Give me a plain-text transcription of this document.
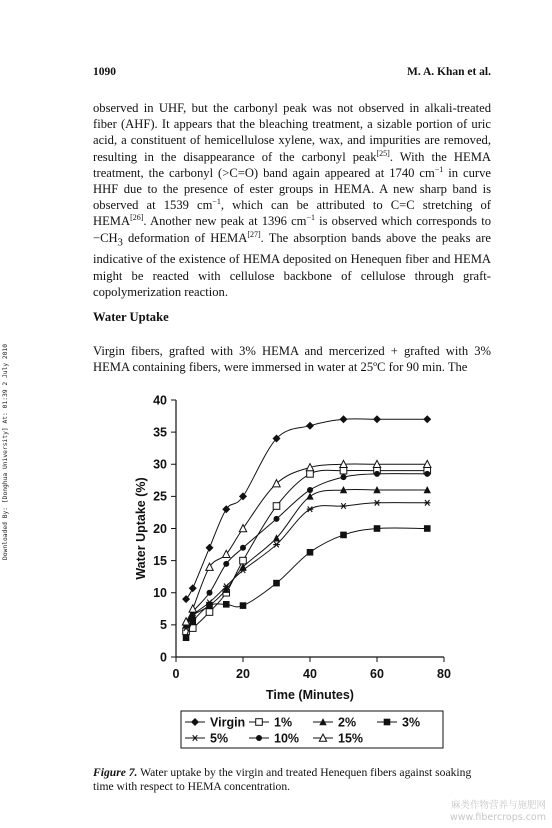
Downloaded By: [Donghua University] At: 01:39 2 July 2010
1090	M. A. Khan et al.

observed in UHF, but the carbonyl peak was not observed in alkali-treated fiber (AHF). It appears that the bleaching treatment, a sizable portion of uric acid, a constituent of hemicellulose xylene, wax, and impurities are removed, resulting in the disappearance of the carbonyl peak[25]. With the HEMA treatment, the carbonyl (>C=O) band again appeared at 1740 $cm^{-1}$ in curve HHF due to the presence of ester groups in HEMA. A new sharp band is observed at 1539 $cm^{-1}$, which can be attributed to C=C stretching of HEMA[26]. Another new peak at 1396 $cm^{-1}$ is observed which corresponds to $-CH_3$ deformation of HEMA[27]. The absorption bands above the peaks are indicative of the existence of HEMA deposited on Henequen fiber and HEMA might be reacted with cellulose backbone of cellulose through graft-copolymerization reaction.

Water Uptake

Virgin fibers, grafted with 3% HEMA and mercerized + grafted with 3% HEMA containing fibers, were immersed in water at 25ºC for 90 min. The

0
5
10
15
20
25
30
35
40
0	20	40	60	80
Time (Minutes)
Water Uptake (%)
Virgin 1%	2%	3%
5%	10%	15%

Figure 7. Water uptake by the virgin and treated Henequen fibers against soaking time with respect to HEMA concentration.

麻类作物营养与施肥网
www.fibercrops.com
